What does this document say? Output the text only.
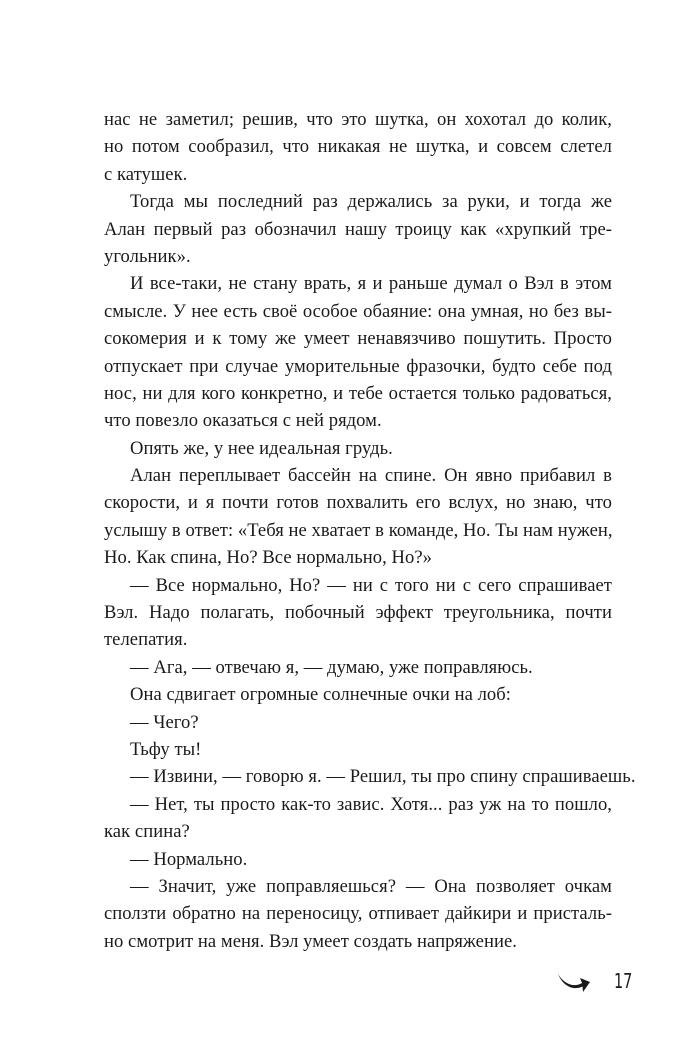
нас не заметил; решив, что это шутка, он хохотал до колик,
но потом сообразил, что никакая не шутка, и совсем слетел
с катушек.
Тогда мы последний раз держались за руки, и тогда же
Алан первый раз обозначил нашу троицу как «хрупкий тре-
угольник».
И все-таки, не стану врать, я и раньше думал о Вэл в этом
смысле. У нее есть своё особое обаяние: она умная, но без вы-
сокомерия и к тому же умеет ненавязчиво пошутить. Просто
отпускает при случае уморительные фразочки, будто себе под
нос, ни для кого конкретно, и тебе остается только радоваться,
что повезло оказаться с ней рядом.
Опять же, у нее идеальная грудь.
Алан переплывает бассейн на спине. Он явно прибавил в
скорости, и я почти готов похвалить его вслух, но знаю, что
услышу в ответ: «Тебя не хватает в команде, Но. Ты нам нужен,
Но. Как спина, Но? Все нормально, Но?»
— Все нормально, Но? — ни с того ни с сего спрашивает
Вэл. Надо полагать, побочный эффект треугольника, почти
телепатия.
— Ага, — отвечаю я, — думаю, уже поправляюсь.
Она сдвигает огромные солнечные очки на лоб:
— Чего?
Тьфу ты!
— Извини, — говорю я. — Решил, ты про спину спрашиваешь.
— Нет, ты просто как-то завис. Хотя... раз уж на то пошло,
как спина?
— Нормально.
— Значит, уже поправляешься? — Она позволяет очкам
сползти обратно на переносицу, отпивает дайкири и присталь-
но смотрит на меня. Вэл умеет создать напряжение.
17
